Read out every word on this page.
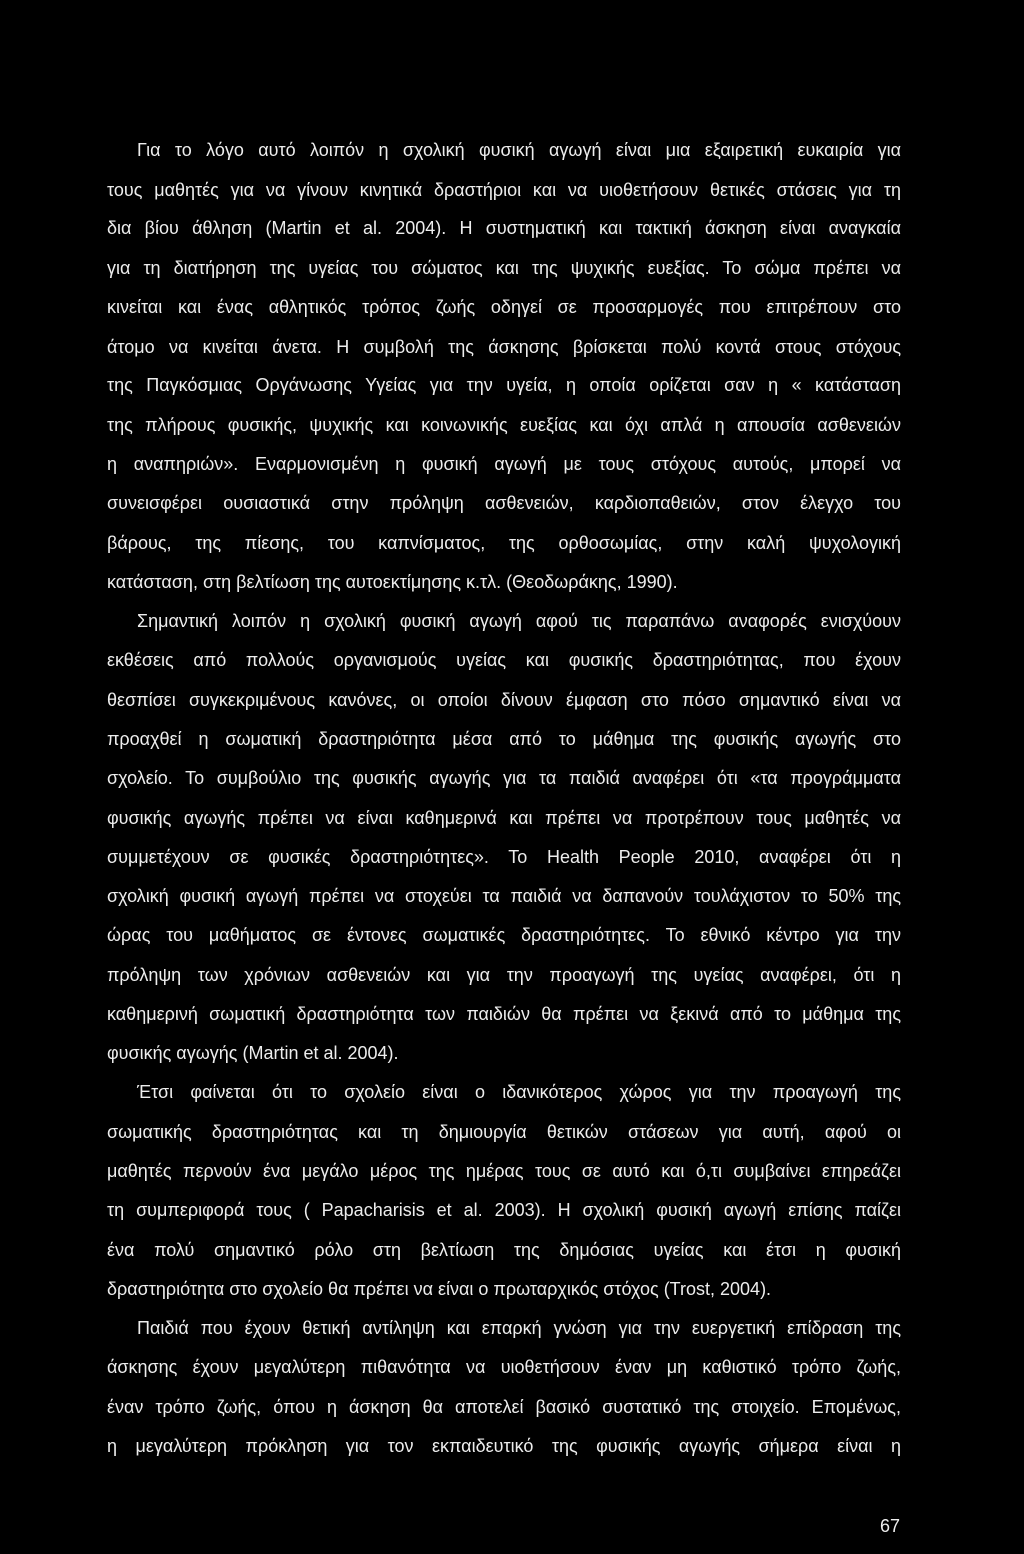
Για το λόγο αυτό λοιπόν η σχολική φυσική αγωγή είναι μια εξαιρετική ευκαιρία για
τους μαθητές για να γίνουν κινητικά δραστήριοι και να υιοθετήσουν θετικές στάσεις για τη
δια βίου άθληση (Martin et al. 2004). Η συστηματική και τακτική άσκηση είναι αναγκαία
για τη διατήρηση της υγείας του σώματος και της ψυχικής ευεξίας. Το σώμα πρέπει να
κινείται και ένας αθλητικός τρόπος ζωής οδηγεί σε προσαρμογές που επιτρέπουν στο
άτομο να κινείται άνετα. Η συμβολή της άσκησης βρίσκεται πολύ κοντά στους στόχους
της Παγκόσμιας Οργάνωσης Υγείας για την υγεία, η οποία ορίζεται σαν η « κατάσταση
της πλήρους φυσικής, ψυχικής και κοινωνικής ευεξίας και όχι απλά η απουσία ασθενειών
η αναπηριών». Εναρμονισμένη η φυσική αγωγή με τους στόχους αυτούς, μπορεί να
συνεισφέρει ουσιαστικά στην πρόληψη ασθενειών, καρδιοπαθειών, στον έλεγχο του
βάρους, της πίεσης, του καπνίσματος, της ορθοσωμίας, στην καλή ψυχολογική
κατάσταση, στη βελτίωση της αυτοεκτίμησης κ.τλ. (Θεοδωράκης, 1990).
Σημαντική λοιπόν η σχολική φυσική αγωγή αφού τις παραπάνω αναφορές ενισχύουν
εκθέσεις από πολλούς οργανισμούς υγείας και φυσικής δραστηριότητας, που έχουν
θεσπίσει συγκεκριμένους κανόνες, οι οποίοι δίνουν έμφαση στο πόσο σημαντικό είναι να
προαχθεί η σωματική δραστηριότητα μέσα από το μάθημα της φυσικής αγωγής στο
σχολείο. Το συμβούλιο της φυσικής αγωγής για τα παιδιά αναφέρει ότι «τα προγράμματα
φυσικής αγωγής πρέπει να είναι καθημερινά και πρέπει να προτρέπουν τους μαθητές να
συμμετέχουν σε φυσικές δραστηριότητες». Το Health People 2010, αναφέρει ότι η
σχολική φυσική αγωγή πρέπει να στοχεύει τα παιδιά να δαπανούν τουλάχιστον το 50% της
ώρας του μαθήματος σε έντονες σωματικές δραστηριότητες. Το εθνικό κέντρο για την
πρόληψη των χρόνιων ασθενειών και για την προαγωγή της υγείας αναφέρει, ότι η
καθημερινή σωματική δραστηριότητα των παιδιών θα πρέπει να ξεκινά από το μάθημα της
φυσικής αγωγής (Martin et al. 2004).
Έτσι φαίνεται ότι το σχολείο είναι ο ιδανικότερος χώρος για την προαγωγή της
σωματικής δραστηριότητας και τη δημιουργία θετικών στάσεων για αυτή, αφού οι
μαθητές περνούν ένα μεγάλο μέρος της ημέρας τους σε αυτό και ό,τι συμβαίνει επηρεάζει
τη συμπεριφορά τους ( Papacharisis et al. 2003). Η σχολική φυσική αγωγή επίσης παίζει
ένα πολύ σημαντικό ρόλο στη βελτίωση της δημόσιας υγείας και έτσι η φυσική
δραστηριότητα στο σχολείο θα πρέπει να είναι ο πρωταρχικός στόχος (Trost, 2004).
Παιδιά που έχουν θετική αντίληψη και επαρκή γνώση για την ευεργετική επίδραση της
άσκησης έχουν μεγαλύτερη πιθανότητα να υιοθετήσουν έναν μη καθιστικό τρόπο ζωής,
έναν τρόπο ζωής, όπου η άσκηση θα αποτελεί βασικό συστατικό της στοιχείο. Επομένως,
η μεγαλύτερη πρόκληση για τον εκπαιδευτικό της φυσικής αγωγής σήμερα είναι η
67
